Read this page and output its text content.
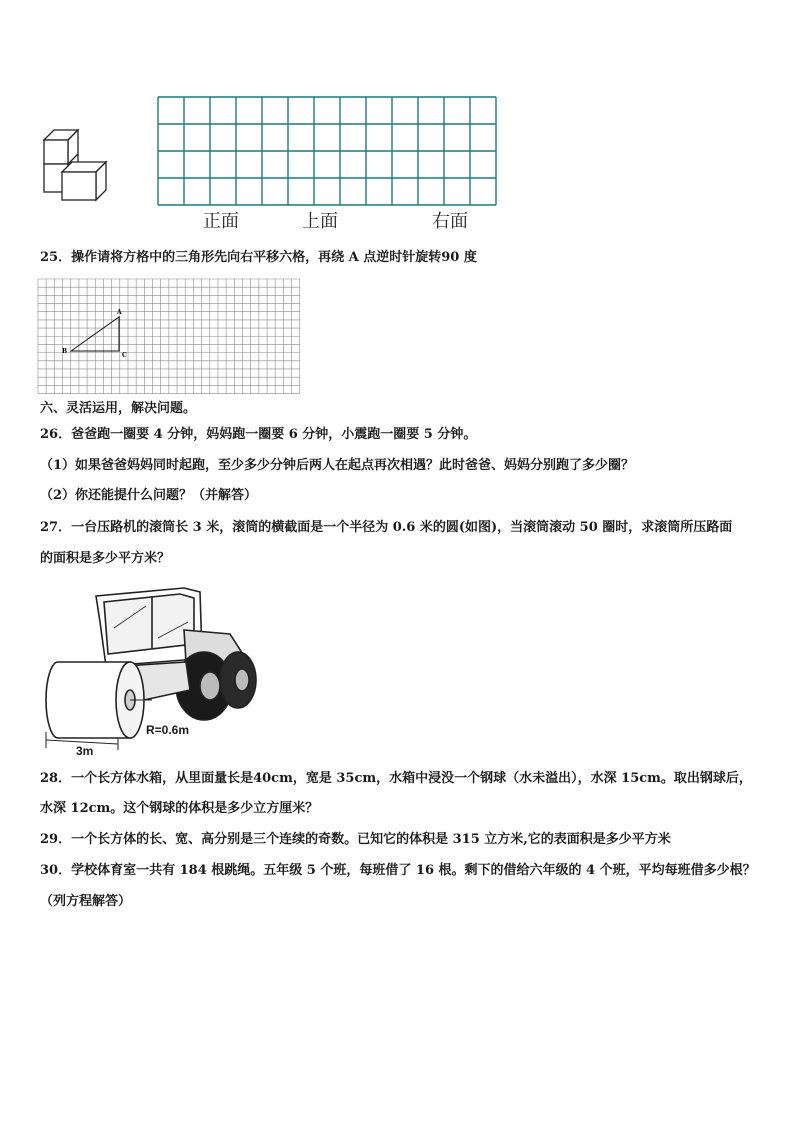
正面	上面	右面
25．操作请将方格中的三角形先向右平移六格，再绕 A 点逆时针旋转90 度
A
B
C
六、灵活运用，解决问题。
26．爸爸跑一圈要 4 分钟，妈妈跑一圈要 6 分钟，小震跑一圈要 5 分钟。
（1）如果爸爸妈妈同时起跑，至少多少分钟后两人在起点再次相遇？此时爸爸、妈妈分别跑了多少圈？
（2）你还能提什么问题？（并解答）
27．一台压路机的滚筒长 3 米，滚筒的横截面是一个半径为 0.6 米的圆(如图)，当滚筒滚动 50 圈时，求滚筒所压路面
的面积是多少平方米？
R=0.6m
3m
28．一个长方体水箱，从里面量长是40cm，宽是 35cm，水箱中浸没一个钢球（水未溢出），水深 15cm。取出钢球后，
水深 12cm。这个钢球的体积是多少立方厘米？
29．一个长方体的长、宽、高分别是三个连续的奇数。已知它的体积是 315 立方米,它的表面积是多少平方米
30．学校体育室一共有 184 根跳绳。五年级 5 个班，每班借了 16 根。剩下的借给六年级的 4 个班，平均每班借多少根？
（列方程解答）
